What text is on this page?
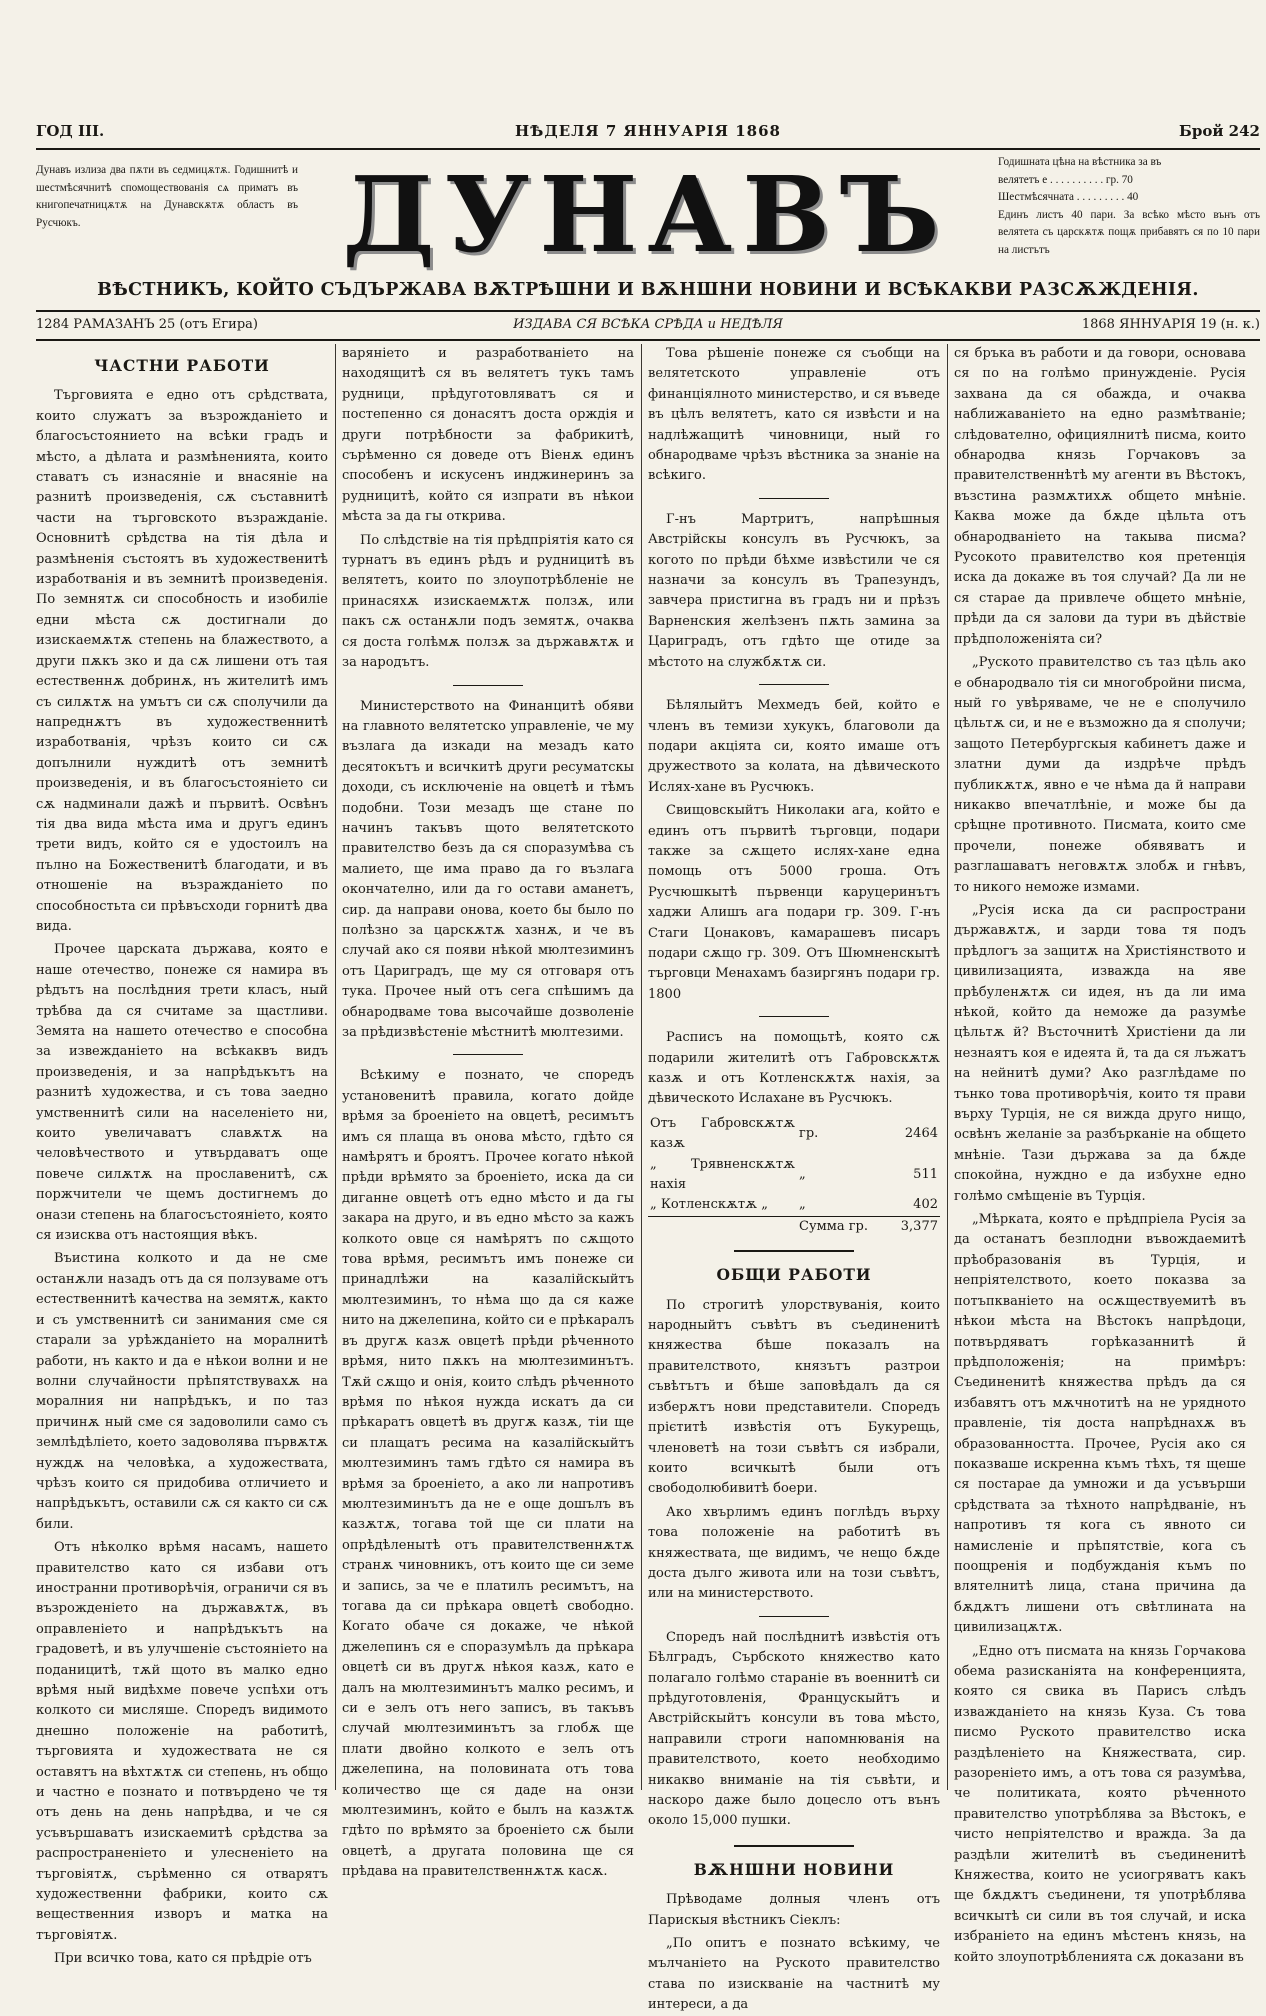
ГОД III.	НѢДЕЛЯ 7 ЯННУАРІЯ 1868	Брой 242
Дунавъ излиза два пѫти въ седмицѫтѫ. Годишнитѣ и шестмѣсячнитѣ спомоществованія сѧ приматъ въ книгопечатницѫтѫ на Дунавскѫтѫ областъ въ Русчюкъ.	ДУНАВЪ	Годишната цѣна на вѣстника за въ
велятетъ е . . . . . . . . . . гр. 70
Шестмѣсячната . . . . . . . . . 40
Единъ листъ 40 пари. За всѣко мѣсто вънъ отъ велятета съ царскѫтѫ пощѫ прибавятъ ся по 10 пари на листътъ
ВѢСТНИКЪ, КОЙТО СЪДЪРЖАВА ВѪТРѢШНИ И ВѪНШНИ НОВИНИ И ВСѢКАКВИ РАЗСѪЖДЕНІЯ.
1284 РАМАЗАНЪ 25 (отъ Егира)	ИЗДАВА СЯ ВСѢКА СРѢДА и НЕДѢЛЯ	1868 ЯННУАРІЯ 19 (н. к.)
ЧАСТНИ РАБОТИ

Търговията е едно отъ срѣдствата, които служатъ за възрожданіето и благосъстоянието на всѣки градъ и мѣсто, а дѣлата и размѣненията, които ставатъ съ изнасяніе и внасяніе на разнитѣ произведенія, сѫ съставнитѣ части на търговското възражданіе. Основнитѣ срѣдства на тія дѣла и размѣненія състоятъ въ художественитѣ изработванія и въ земнитѣ произведенія. По земнятѫ си способность и изобиліе едни мѣста сѫ достигнали до изискаемѫтѫ степень на блажеството, а други пѫкъ зко и да сѫ лишени отъ тая естественнѫ добринѫ, нъ жителитѣ имъ съ силѫтѫ на умътъ си сѫ сполучили да напреднѫтъ въ художественнитѣ изработванія, чрѣзъ които си сѫ допълнили нуждитѣ отъ земнитѣ произведенія, и въ благосъстояніето си сѫ надминали дажѣ и първитѣ. Освѣнъ тія два вида мѣста има и другъ единъ трети видъ, който ся е удостоилъ на пълно на Божественитѣ благодати, и въ отношеніе на възражданіето по способностьта си прѣвъсходи горнитѣ два вида.

Прочее царската държава, която е наше отечество, понеже ся намира въ рѣдътъ на послѣдния трети класъ, ный трѣбва да ся считаме за щастливи. Земята на нашето отечество е способна за извежданіето на всѣкаквъ видъ произведенія, и за напрѣдъкътъ на разнитѣ художества, и съ това заедно умственнитѣ сили на населеніето ни, които увеличаватъ славѫтѫ на человѣчеството и утвърдаватъ още повече силѫтѫ на прославенитѣ, сѫ поржчители че щемъ достигнемъ до онази степень на благосъстояніето, която ся изисква отъ настоящия вѣкъ.

Въистина колкото и да не сме останѫли назадъ отъ да ся ползуваме отъ естественнитѣ качества на земятѫ, както и съ умственнитѣ си занимания сме ся старали за урѣжданіето на моралнитѣ работи, нъ както и да е нѣкои волни и не волни случайности прѣпятствувахѫ на моралния ни напрѣдъкъ, и по таз причинѫ ный сме ся задоволили само съ землѣдѣліето, което задоволява първѫтѫ нуждѫ на человѣка, а художествата, чрѣзъ които ся придобива отличието и напрѣдъкътъ, оставили сѫ ся както си сѫ били.

Отъ нѣколко врѣмя насамъ, нашето правителство като ся избави отъ иностранни противорѣчія, ограничи ся въ възрожденіето на държавѫтѫ, въ оправленіето и напрѣдъкътъ на градоветѣ, и въ улучшеніе състояніето на поданицитѣ, тѫй щото въ малко едно врѣмя ный видѣхме повече успѣхи отъ колкото си мисляше. Споредъ видимото днешно положеніе на работитѣ, търговията и художествата не ся оставятъ на вѣхтѫтѫ си степень, нъ общо и частно е познато и потвърдено че тя отъ день на день напрѣдва, и че ся усъвършаватъ изискаемитѣ срѣдства за распространеніето и улесненіето на търговіятѫ, сърѣменно ся отварятъ художественни фабрики, които сѫ вещественния изворъ и матка на търговіятѫ.

При всичко това, като ся прѣдріе отъ

варяніето и разработваніето на находящитѣ ся въ велятетъ тукъ тамъ рудници, прѣдуготовляватъ ся и постепенно ся донасятъ доста орждія и други потрѣбности за фабрикитѣ, сърѣменно ся доведе отъ Віенѫ единъ способенъ и искусенъ инджинеринъ за рудницитѣ, който ся изпрати въ нѣкои мѣста за да гы открива.

По слѣдствіе на тія прѣдпріятія като ся турнатъ въ единъ рѣдъ и рудницитѣ въ велятетъ, които по злоупотрѣбленіе не принасяхѫ изискаемѫтѫ ползѫ, или пакъ сѫ останѫли подъ земятѫ, очаква ся доста голѣмѫ ползѫ за държавѫтѫ и за народътъ.

Министерството на Финанцитѣ обяви на главното велятетско управленіе, че му възлага да изкади на мезадъ като десятокътъ и всичкитѣ други ресуматскы доходи, съ исключеніе на овцетѣ и тѣмъ подобни. Този мезадъ ще стане по начинъ такъвъ щото велятетското правителство безъ да ся споразумѣва съ малието, ще има право да го възлага окончателно, или да го остави аманетъ, сир. да направи онова, което бы было по полѣзно за царскѫтѫ хазнѫ, и че въ случай ако ся появи нѣкой мюлтезиминъ отъ Цариградъ, ще му ся отговаря отъ тука. Прочее ный отъ сега спѣшимъ да обнародваме това высочайше дозволеніе за прѣдизвѣстеніе мѣстнитѣ мюлтезими.

Всѣкиму е познато, че споредъ установенитѣ правила, когато дойде врѣмя за броеніето на овцетѣ, ресимътъ имъ ся плаща въ онова мѣсто, гдѣто ся намѣрятъ и броятъ. Прочее когато нѣкой прѣди врѣмято за броеніето, иска да си диганне овцетѣ отъ едно мѣсто и да гы закара на друго, и въ едно мѣсто за кажъ колкото овце ся намѣрятъ по сѫщото това врѣмя, ресимътъ имъ понеже си принадлѣжи на казалійскыйтъ мюлтезиминъ, то нѣма що да ся каже нито на джелепина, който си е прѣкаралъ въ другѫ казѫ овцетѣ прѣди рѣченното врѣмя, нито пѫкъ на мюлтезиминътъ. Тѫй сѫщо и онія, които слѣдъ рѣченното врѣмя по нѣкоя нужда искатъ да си прѣкаратъ овцетѣ въ другѫ казѫ, тіи ще си плащатъ ресима на казалійскыйтъ мюлтезиминъ тамъ гдѣто ся намира въ врѣмя за броеніето, а ако ли напротивъ мюлтезиминътъ да не е още дошълъ въ казѫтѫ, тогава той ще си плати на опрѣдѣленытѣ отъ правителственнѫтѫ странѫ чиновникъ, отъ които ще си земе и запись, за че е платилъ ресимътъ, на тогава да си прѣкара овцетѣ свободно. Когато обаче ся докаже, че нѣкой джелепинъ ся е споразумѣлъ да прѣкара овцетѣ си въ другѫ нѣкоя казѫ, като е далъ на мюлтезиминътъ малко ресимъ, и си е зелъ отъ него записъ, въ такъвъ случай мюлтезиминътъ за глобѫ ще плати двойно колкото е зелъ отъ джелепина, на половината отъ това количество ще ся даде на онзи мюлтезиминъ, който е былъ на казѫтѫ гдѣто по врѣмято за броеніето сѫ были овцетѣ, а другата половина ще ся прѣдава на правителственнѫтѫ касѫ.

Това рѣшеніе понеже ся съобщи на велятетското управленіе отъ финанціялното министерство, и ся въведе въ цѣлъ велятетъ, като ся извѣсти и на надлѣжащитѣ чиновници, ный го обнародваме чрѣзъ вѣстника за знаніе на всѣкиго.

Г-нъ Мартритъ, напрѣшныя Австрійскы консулъ въ Русчюкъ, за когото по прѣди бѣхме извѣстили че ся назначи за консулъ въ Трапезундъ, завчера пристигна въ градъ ни и прѣзъ Варненския желѣзенъ пѫть замина за Цариградъ, отъ гдѣто ще отиде за мѣстото на службѫтѫ си.

Бѣлялыйтъ Мехмедъ бей, който е членъ въ темизи хукукъ, благоволи да подари акціята си, която имаше отъ дружеството за колата, на дѣвическото Ислях-хане въ Русчюкъ.

Свищовскыйтъ Николаки ага, който е единъ отъ първитѣ търговци, подари также за сѫщето ислях-хане една помощь отъ 5000 гроша. Отъ Русчюшкытѣ първенци каруцеринътъ хаджи Алишъ ага подари гр. 309. Г-нъ Стаги Цонаковъ, камарашевъ писаръ подари сѫщо гр. 309. Отъ Шюмненскытѣ търговци Менахамъ базиргянъ подари гр. 1800

Расписъ на помощьтѣ, която сѫ подарили жителитѣ отъ Габровскѫтѫ казѫ и отъ Котленскѫтѫ нахія, за дѣвическото Ислахане въ Русчюкъ.

Отъ Габровскѫтѫ казѫ	гр.	2464
„ Трявненскѫтѫ нахія	„	511
„ Котленскѫтѫ „	„	402
	Сумма гр.	3,377
ОБЩИ РАБОТИ

По строгитѣ улорствуванія, които народныйтъ съвѣтъ въ съединенитѣ княжества бѣше показалъ на правителството, князътъ разтрои съвѣтътъ и бѣше заповѣдалъ да ся изберѫтъ нови представители. Споредъ прієтитѣ извѣстія отъ Букурещь, членоветѣ на този съвѣтъ ся избрали, които всичкытѣ были отъ свободолюбивитѣ боери.

Ако хвърлимъ единъ поглѣдъ върху това положеніе на работитѣ въ княжествата, ще видимъ, че нещо бѫде доста дълго живота или на този съвѣтъ, или на министерството.

Споредъ най послѣднитѣ извѣстія отъ Бѣлградъ, Сърбското княжество като полагало голѣмо стараніе въ военнитѣ си прѣдуготовленія, Францускыйтъ и Австрійскыйтъ консули въ това мѣсто, направили строги напомнюванія на правителството, което необходимо никакво вниманіе на тія съвѣти, и наскоро даже было доцесло отъ вънъ около 15,000 пушки.

ВѪНШНИ НОВИНИ

Прѣводаме долныя членъ отъ Парискыя вѣстникъ Сіеклъ:

„По опитъ е познато всѣкиму, че мълчаніето на Руското правителство става по изискваніе на частнитѣ му интереси, а да

ся бръка въ работи и да говори, основава ся по на голѣмо принужденіе. Русія захвана да ся обажда, и очаква наближаваніето на едно размѣтваніе; слѣдователно, официялнитѣ писма, които обнародва князь Горчаковъ за правителственнѣтѣ му агенти въ Вѣстокъ, възстина размѫтихѫ общето мнѣніе. Каква може да бѫде цѣльта отъ обнародваніето на такыва писма? Русокото правителство коя претенція иска да докаже въ тоя случай? Да ли не ся старае да привлече общето мнѣніе, прѣди да ся залови да тури въ дѣйствіе прѣдположеніята си?

„Руското правителство съ таз цѣль ако е обнародвало тія си многобройни писма, ный го увѣряваме, че не е сполучило цѣльтѫ си, и не е възможно да я сполучи; защото Петербургскыя кабинетъ даже и златни думи да издрѣче прѣдъ публикѫтѫ, явно е че нѣма да й направи никакво впечатлѣніе, и може бы да срѣщне противното. Писмата, които сме прочели, понеже обявяватъ и разглашаватъ неговѫтѫ злобѫ и гнѣвъ, то никого неможе измами.

„Русія иска да си распространи държавѫтѫ, и зарди това тя подъ прѣдлогъ за защитѫ на Христіянството и цивилизацията, изважда на яве прѣбуленѫтѫ си идея, нъ да ли има нѣкой, който да неможе да разумѣе цѣльтѫ й? Въсточнитѣ Христіени да ли незнаятъ коя е идеята й, та да ся лъжатъ на нейнитѣ думи? Ако разглѣдаме по тънко това противорѣчія, които тя прави върху Турція, не ся вижда друго нищо, освѣнъ желаніе за разбърканіе на общето мнѣніе. Тази държава за да бѫде спокойна, нуждно е да избухне едно голѣмо смѣщеніе въ Турція.

„Мѣрката, която е прѣдпріела Русія за да останатъ безплодни въвождаемитѣ прѣобразованія въ Турція, и непріятелството, което показва за потъпкваніето на осѫществуемитѣ въ нѣкои мѣста на Вѣстокъ напрѣдоци, потвърдяватъ горѣказаннитѣ й прѣдположенія; на примѣръ: Съединенитѣ княжества прѣдъ да ся избавятъ отъ мѫчнотитѣ на не урядното правленіе, тія доста напрѣднахѫ въ образованността. Прочее, Русія ако ся показваше искренна къмъ тѣхъ, тя щеше ся постарае да умножи и да усъвърши срѣдствата за тѣхното напрѣдваніе, нъ напротивъ тя кога съ явното си намисленіе и прѣпятствіе, кога съ поощренія и подбужданія къмъ по влятелнитѣ лица, стана причина да бѫдѫтъ лишени отъ свѣтлината на цивилизацѫтѫ.

„Едно отъ писмата на князь Горчакова обема разисканіята на конференцията, която ся свика въ Парисъ слѣдъ изважданіето на князь Куза. Съ това писмо Руското правителство иска раздѣленіето на Княжествата, сир. разореніето имъ, а отъ това ся разумѣва, че политиката, която рѣченното правителство употрѣблява за Вѣстокъ, е чисто непріятелство и вражда. За да раздѣли жителитѣ въ съединенитѣ Княжества, които не усиогряватъ какъ ще бѫдѫтъ съединени, тя употрѣблява всичкытѣ си сили въ тоя случай, и иска избраніето на единъ мѣстенъ князь, на който злоупотрѣбленията сѫ доказани въ
